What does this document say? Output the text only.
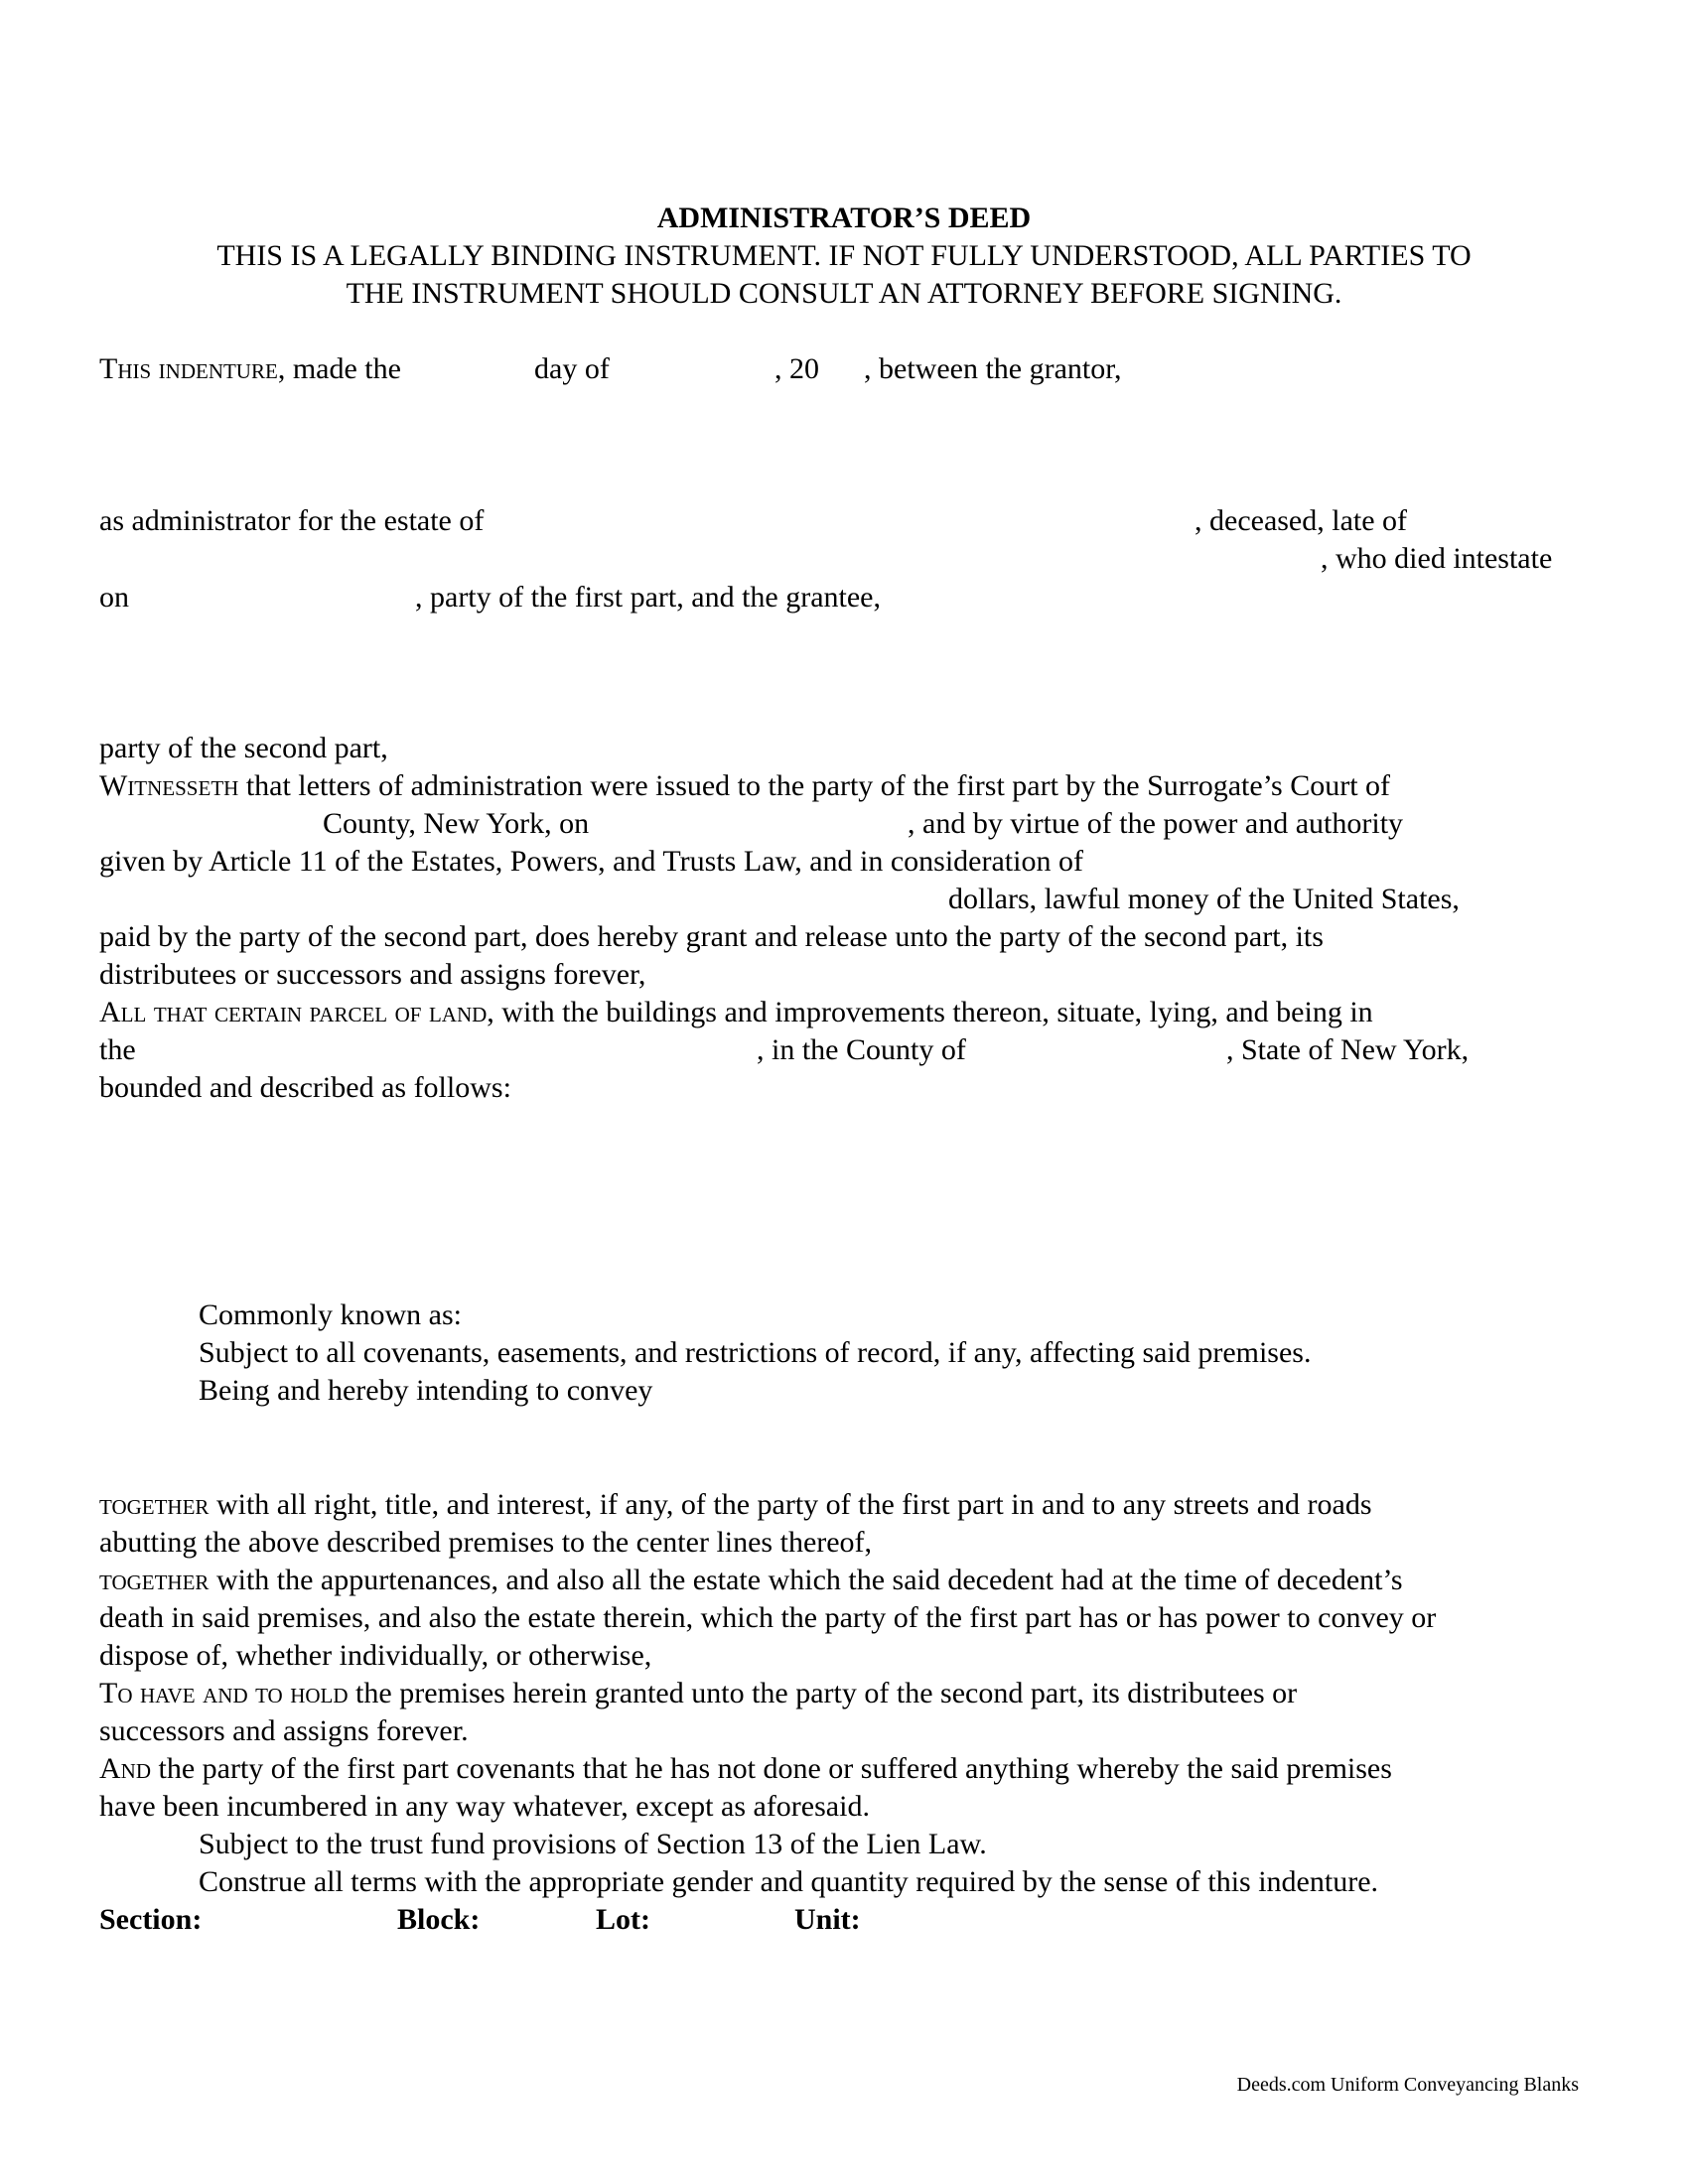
ADMINISTRATOR’S DEED
THIS IS A LEGALLY BINDING INSTRUMENT. IF NOT FULLY UNDERSTOOD, ALL PARTIES TO
THE INSTRUMENT SHOULD CONSULT AN ATTORNEY BEFORE SIGNING.
This indenture, made the	day of	, 20 , between the grantor,
as administrator for the estate of	, deceased, late of
, who died intestate
on	, party of the first part, and the grantee,
party of the second part,
Witnesseth that letters of administration were issued to the party of the first part by the Surrogate’s Court of
County, New York, on	, and by virtue of the power and authority
given by Article 11 of the Estates, Powers, and Trusts Law, and in consideration of
dollars, lawful money of the United States,
paid by the party of the second part, does hereby grant and release unto the party of the second part, its
distributees or successors and assigns forever,
All that certain parcel of land, with the buildings and improvements thereon, situate, lying, and being in
the	, in the County of	, State of New York,
bounded and described as follows:
Commonly known as:
Subject to all covenants, easements, and restrictions of record, if any, affecting said premises.
Being and hereby intending to convey
together with all right, title, and interest, if any, of the party of the first part in and to any streets and roads
abutting the above described premises to the center lines thereof,
together with the appurtenances, and also all the estate which the said decedent had at the time of decedent’s
death in said premises, and also the estate therein, which the party of the first part has or has power to convey or
dispose of, whether individually, or otherwise,
To have and to hold the premises herein granted unto the party of the second part, its distributees or
successors and assigns forever.
And the party of the first part covenants that he has not done or suffered anything whereby the said premises
have been incumbered in any way whatever, except as aforesaid.
Subject to the trust fund provisions of Section 13 of the Lien Law.
Construe all terms with the appropriate gender and quantity required by the sense of this indenture.
Section:	Block:	Lot:	Unit:
Deeds.com Uniform Conveyancing Blanks
